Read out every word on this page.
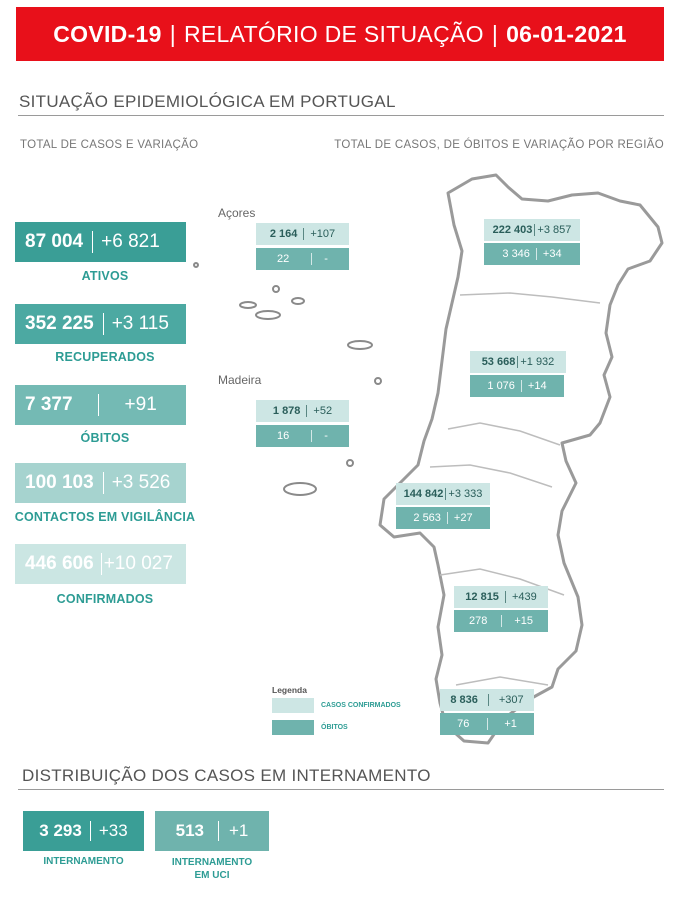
COVID-19 | RELATÓRIO DE SITUAÇÃO | 06-01-2021
SITUAÇÃO EPIDEMIOLÓGICA EM PORTUGAL
TOTAL DE CASOS E VARIAÇÃO	TOTAL DE CASOS, DE ÓBITOS E VARIAÇÃO POR REGIÃO
87 004 +6 821
ATIVOS
352 225 +3 115
RECUPERADOS
7 377	+91
ÓBITOS
100 103 +3 526
CONTACTOS EM VIGILÂNCIA
446 606 +10 027
CONFIRMADOS
Açores
Madeira
2 164 +107
22	-
1 878 +52
16	-
222 403 +3 857
3 346 +34
53 668 +1 932
1 076 +14
144 842 +3 333
2 563 +27
12 815 +439
278 +15
8 836 +307
76	+1
Legenda
CASOS CONFIRMADOS
ÓBITOS
DISTRIBUIÇÃO DOS CASOS EM INTERNAMENTO
3 293 +33
INTERNAMENTO
513 +1
INTERNAMENTO
EM UCI
